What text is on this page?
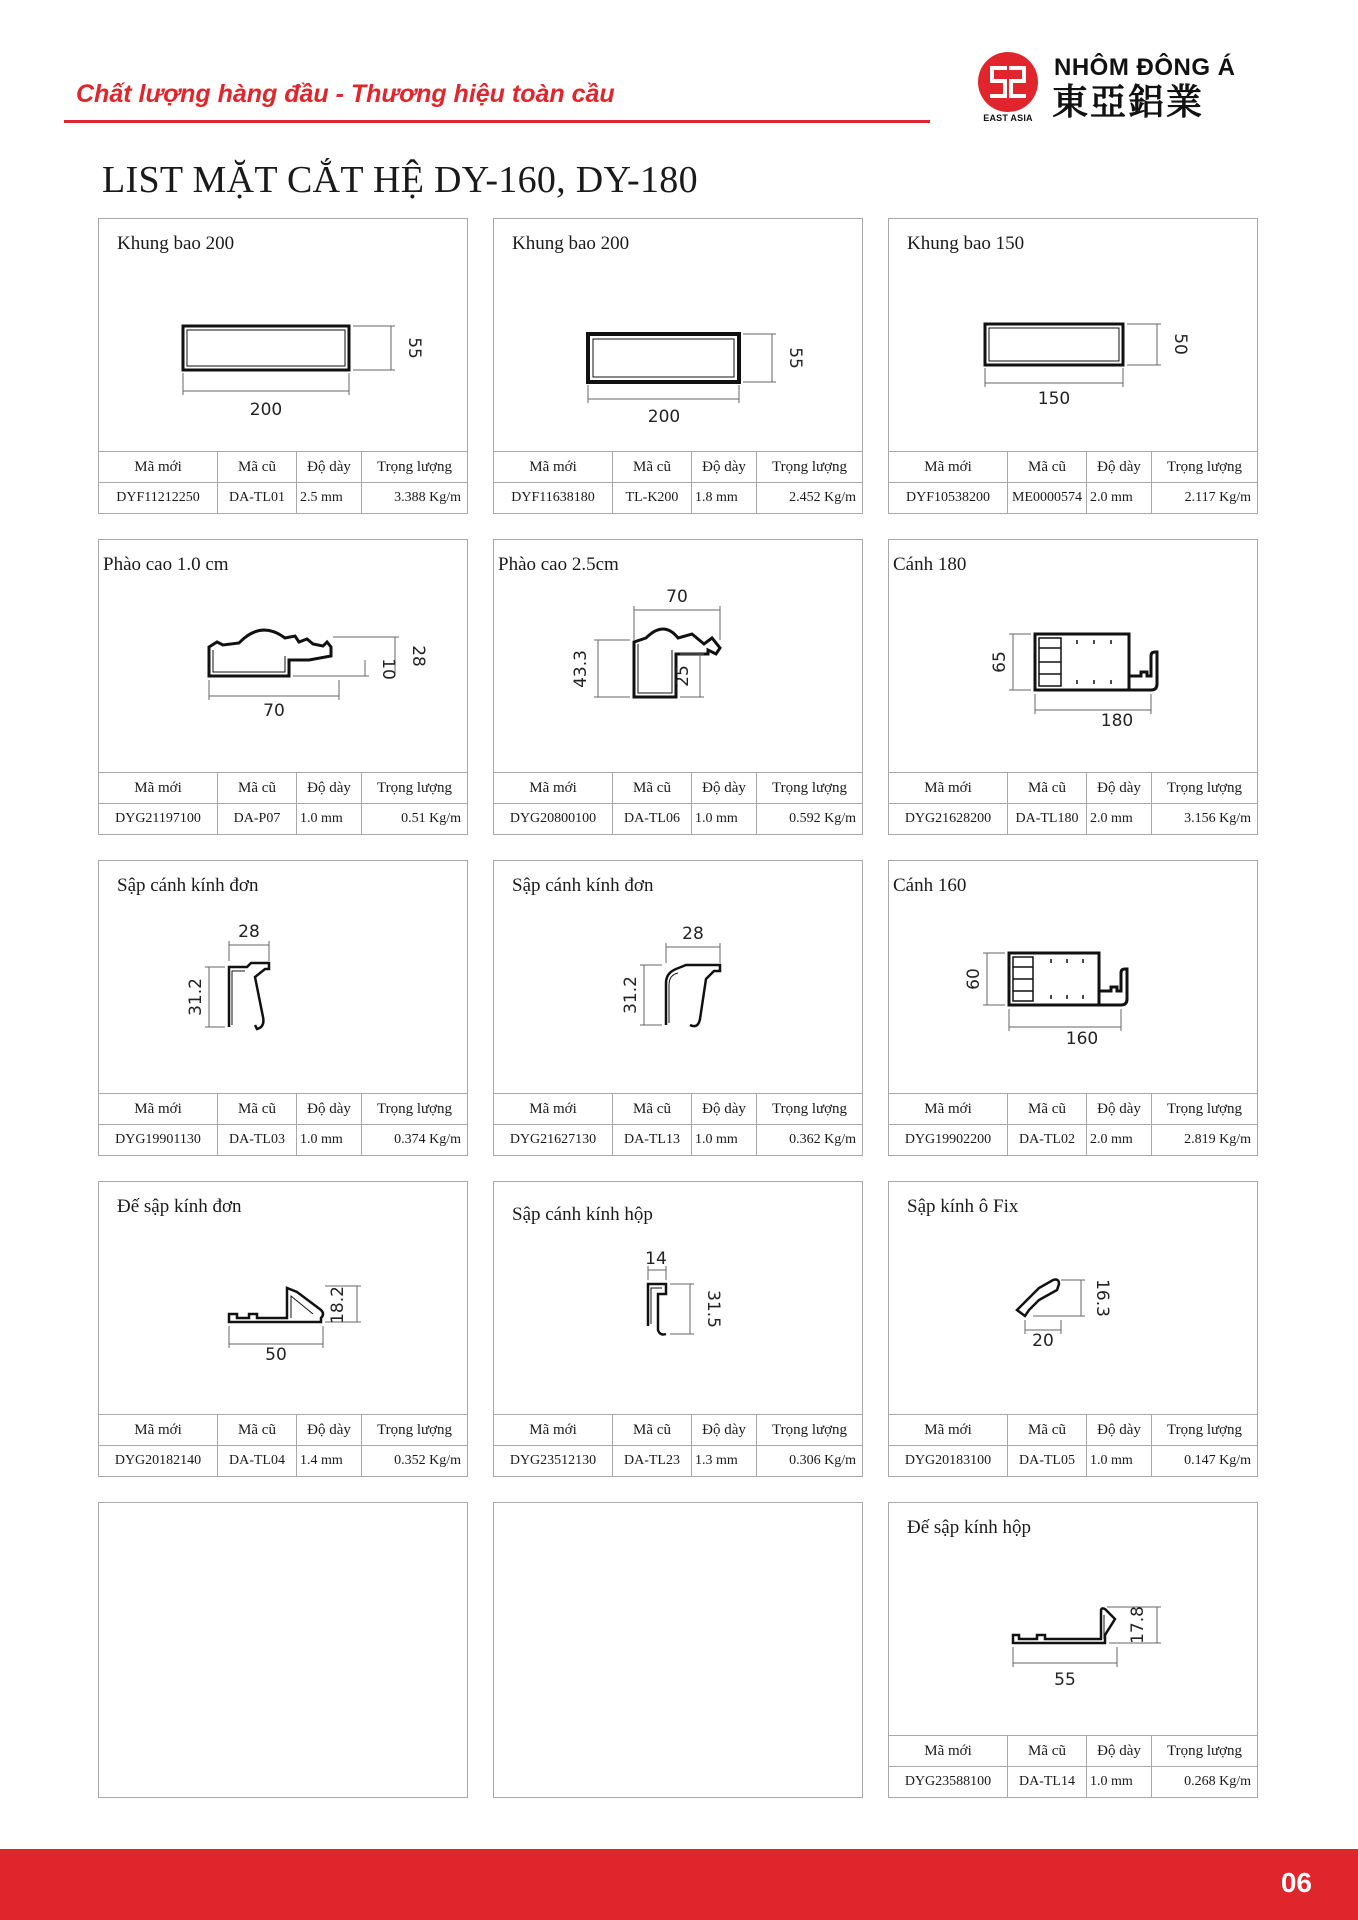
Chất lượng hàng đầu - Thương hiệu toàn cầu
EAST ASIA
NHÔM ĐÔNG Á
東亞鋁業
LIST MẶT CẮT HỆ DY-160, DY-180
Khung bao 200
200
55
Mã mới	Mã cũ	Độ dày	Trọng lượng
DYF11212250	DA-TL01	2.5 mm	3.388 Kg/m
Khung bao 200
200
55
Mã mới	Mã cũ	Độ dày	Trọng lượng
DYF11638180	TL-K200	1.8 mm	2.452 Kg/m
Khung bao 150
150
50
Mã mới	Mã cũ	Độ dày	Trọng lượng
DYF10538200	ME0000574	2.0 mm	2.117 Kg/m
Phào cao 1.0 cm
70
28
10
Mã mới	Mã cũ	Độ dày	Trọng lượng
DYG21197100	DA-P07	1.0 mm	0.51 Kg/m
Phào cao 2.5cm
70
43.3	25
Mã mới	Mã cũ	Độ dày	Trọng lượng
DYG20800100	DA-TL06	1.0 mm	0.592 Kg/m
Cánh 180
180
65
Mã mới	Mã cũ	Độ dày	Trọng lượng
DYG21628200	DA-TL180	2.0 mm	3.156 Kg/m
Sập cánh kính đơn
28
31.2
Mã mới	Mã cũ	Độ dày	Trọng lượng
DYG19901130	DA-TL03	1.0 mm	0.374 Kg/m
Sập cánh kính đơn
28
31.2
Mã mới	Mã cũ	Độ dày	Trọng lượng
DYG21627130	DA-TL13	1.0 mm	0.362 Kg/m
Cánh 160
160
60
Mã mới	Mã cũ	Độ dày	Trọng lượng
DYG19902200	DA-TL02	2.0 mm	2.819 Kg/m
Đế sập kính đơn
50
18.2
Mã mới	Mã cũ	Độ dày	Trọng lượng
DYG20182140	DA-TL04	1.4 mm	0.352 Kg/m
Sập cánh kính hộp
14
31.5
Mã mới	Mã cũ	Độ dày	Trọng lượng
DYG23512130	DA-TL23	1.3 mm	0.306 Kg/m
Sập kính ô Fix
20
16.3
Mã mới	Mã cũ	Độ dày	Trọng lượng
DYG20183100	DA-TL05	1.0 mm	0.147 Kg/m
Đế sập kính hộp
55
17.8
Mã mới	Mã cũ	Độ dày	Trọng lượng
DYG23588100	DA-TL14	1.0 mm	0.268 Kg/m
06
